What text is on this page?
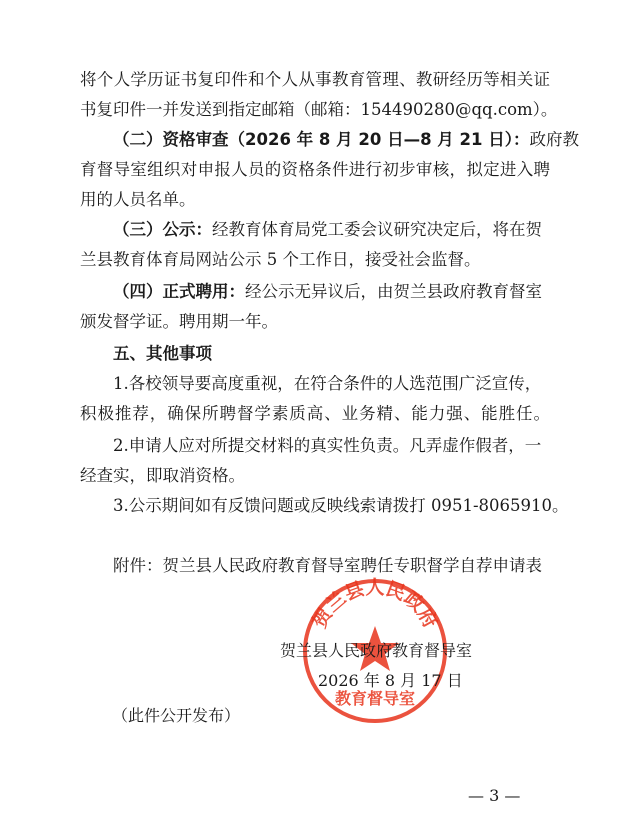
将个人学历证书复印件和个人从事教育管理、教研经历等相关证
书复印件一并发送到指定邮箱（邮箱：15449028​0@qq.com）。
（二）资格审查（2026 年 8 月 20 日—8 月 21 日）：政府教
育督导室组织对申报人员的资格条件进行初步审核，拟定进入聘
用的人员名单。
（三）公示：经教育体育局党工委会议研究决定后，将在贺
兰县教育体育局网站公示 5 个工作日，接受社会监督。
（四）正式聘用：经公示无异议后，由贺兰县政府教育督室
颁发督学证。聘用期一年。
五、其他事项
1.各校领导要高度重视，在符合条件的人选范围广泛宣传，
积极推荐，确保所聘督学素质高、业务精、能力强、能胜任。
2.申请人应对所提交材料的真实性负责。凡弄虚作假者，一
经查实，即取消资格。
3.公示期间如有反馈问题或反映线索请拨打 0951-8065910。
附件：贺兰县人民政府教育督导室聘任专职督学自荐申请表
贺兰县人民政府
教育督导室
贺兰县人民政府教育督导室
2026 年 8 月 17 日
（此件公开发布）
— 3 —
